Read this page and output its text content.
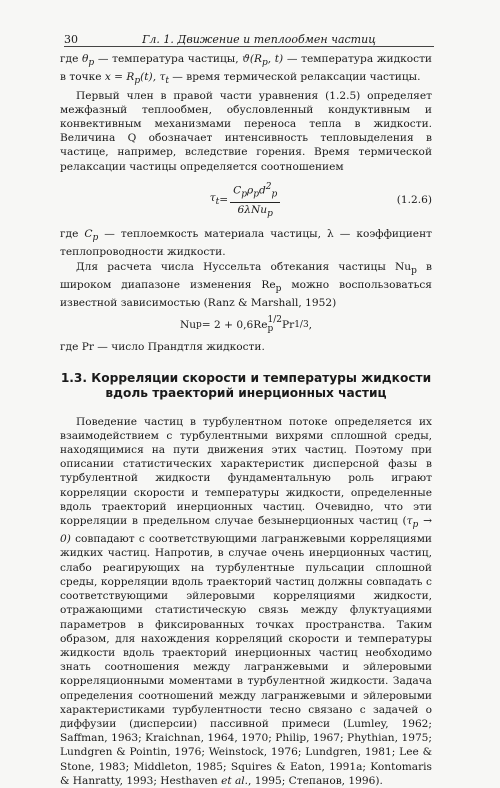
30	Гл. 1. Движение и теплообмен частиц

где $\theta_p$ — температура частицы, $ϑ(R_p$, t) — температура жидкости в точке $x = R_p(t)$, $\tau_t$ — время термической релаксации частицы.

Первый член в правой части уравнения (1.2.5) определяет межфазный теплообмен, обусловленный кондуктивным и конвективным механизмами переноса тепла в жидкости. Величина Q обозначает интенсивность тепловыделения в частице, например, вследствие горения. Время термической релаксации частицы определяется соотношением

$\tau_t = \frac{C_p\rho_pd^2_p}{6\lambda Nu_p}$	(1.2.6)

где $C_p$ — теплоемкость материала частицы, λ — коэффициент теплопроводности жидкости.

Для расчета числа Нуссельта обтекания частицы $Nu_p$ в широком диапазоне изменения $Re_p$ можно воспользоваться известной зависимостью (Ranz & Marshall, 1952)

Nu p = 2 + 0,6Re 1/2
p Pr 1/3 ,

где Pr — число Прандтля жидкости.

1.3. Корреляции скорости и температуры жидкости
вдоль траекторий инерционных частиц

Поведение частиц в турбулентном потоке определяется их взаимодействием с турбулентными вихрями сплошной среды, находящимися на пути движения этих частиц. Поэтому при описании статистических характеристик дисперсной фазы в турбулентной жидкости фундаментальную роль играют корреляции скорости и температуры жидкости, определенные вдоль траекторий инерционных частиц. Очевидно, что эти корреляции в предельном случае безынерционных частиц $(\tau_p \to 0)$ совпадают с соответствующими лагранжевыми корреляциями жидких частиц. Напротив, в случае очень инерционных частиц, слабо реагирующих на турбулентные пульсации сплошной среды, корреляции вдоль траекторий частиц должны совпадать с соответствующими эйлеровыми корреляциями жидкости, отражающими статистическую связь между флуктуациями параметров в фиксированных точках пространства. Таким образом, для нахождения корреляций скорости и температуры жидкости вдоль траекторий инерционных частиц необходимо знать соотношения между лагранжевыми и эйлеровыми корреляционными моментами в турбулентной жидкости. Задача определения соотношений между лагранжевыми и эйлеровыми характеристиками турбулентности тесно связано с задачей о диффузии (дисперсии) пассивной примеси (Lumley, 1962; Saffman, 1963; Kraichnan, 1964, 1970; Philip, 1967; Phythian, 1975; Lundgren & Pointin, 1976; Weinstock, 1976; Lundgren, 1981; Lee & Stone, 1983; Middleton, 1985; Squires & Eaton, 1991a; Kontomaris & Hanratty, 1993; Hesthaven et al., 1995; Степанов, 1996).
